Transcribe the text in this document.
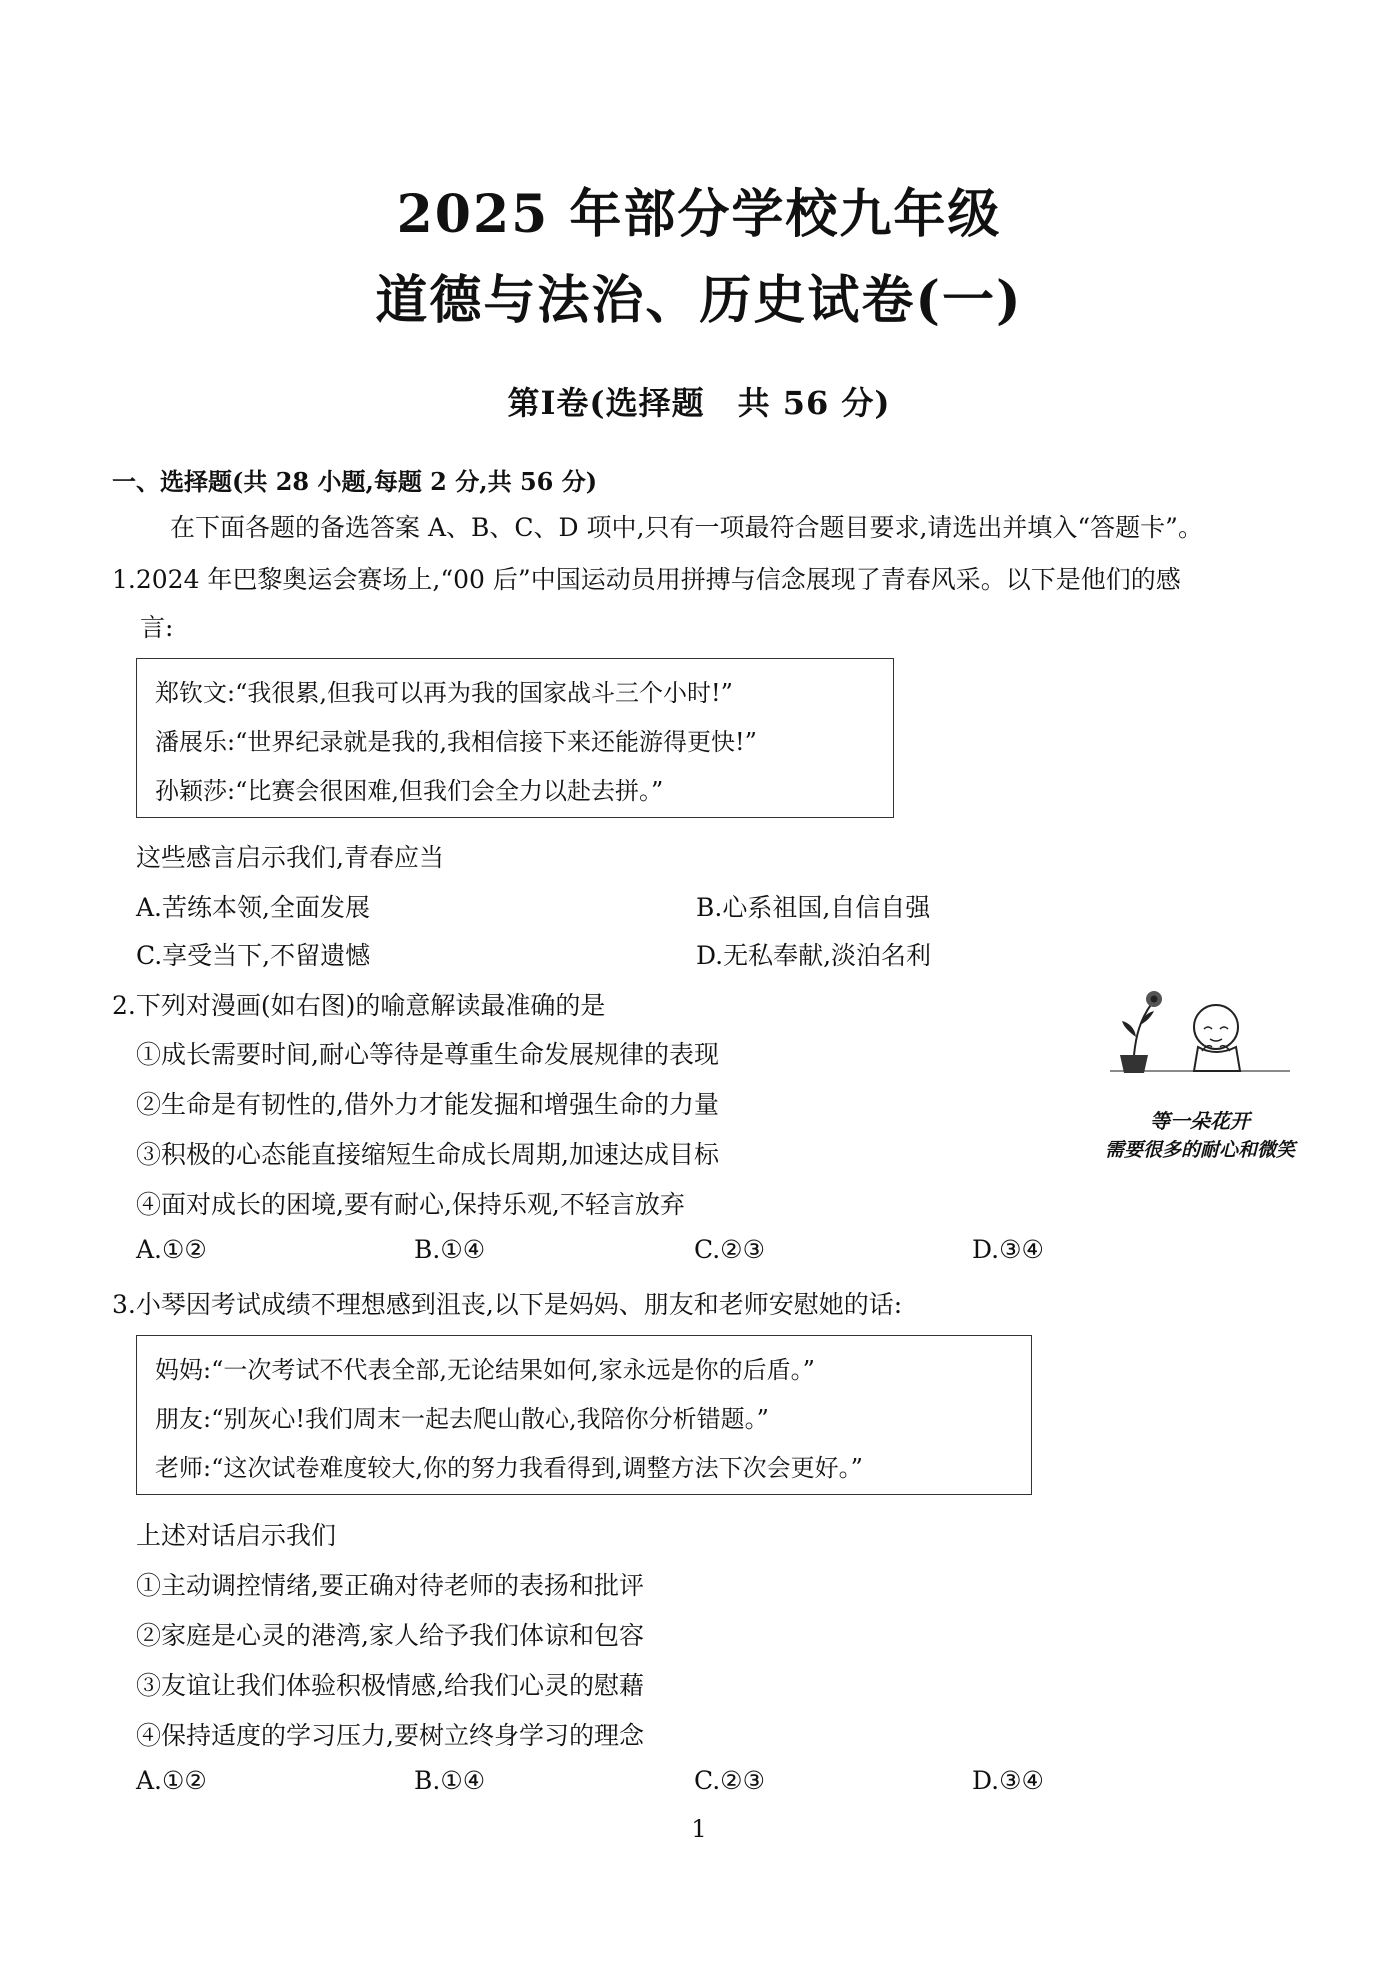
2025 年部分学校九年级
道德与法治、历史试卷(一)
第Ⅰ卷(选择题　共 56 分)
一、选择题(共 28 小题,每题 2 分,共 56 分)
在下面各题的备选答案 A、B、C、D 项中,只有一项最符合题目要求,请选出并填入“答题卡”。
1.2024 年巴黎奥运会赛场上,“00 后”中国运动员用拼搏与信念展现了青春风采。以下是他们的感
言:
郑钦文:“我很累,但我可以再为我的国家战斗三个小时!”
潘展乐:“世界纪录就是我的,我相信接下来还能游得更快!”
孙颖莎:“比赛会很困难,但我们会全力以赴去拼。”
这些感言启示我们,青春应当
A.苦练本领,全面发展	B.心系祖国,自信自强
C.享受当下,不留遗憾	D.无私奉献,淡泊名利
2.下列对漫画(如右图)的喻意解读最准确的是
①成长需要时间,耐心等待是尊重生命发展规律的表现
②生命是有韧性的,借外力才能发掘和增强生命的力量
③积极的心态能直接缩短生命成长周期,加速达成目标
④面对成长的困境,要有耐心,保持乐观,不轻言放弃
A.①②	B.①④	C.②③	D.③④
等一朵花开
需要很多的耐心和微笑
3.小琴因考试成绩不理想感到沮丧,以下是妈妈、朋友和老师安慰她的话:
妈妈:“一次考试不代表全部,无论结果如何,家永远是你的后盾。”
朋友:“别灰心!我们周末一起去爬山散心,我陪你分析错题。”
老师:“这次试卷难度较大,你的努力我看得到,调整方法下次会更好。”
上述对话启示我们
①主动调控情绪,要正确对待老师的表扬和批评
②家庭是心灵的港湾,家人给予我们体谅和包容
③友谊让我们体验积极情感,给我们心灵的慰藉
④保持适度的学习压力,要树立终身学习的理念
A.①②	B.①④	C.②③	D.③④
1
